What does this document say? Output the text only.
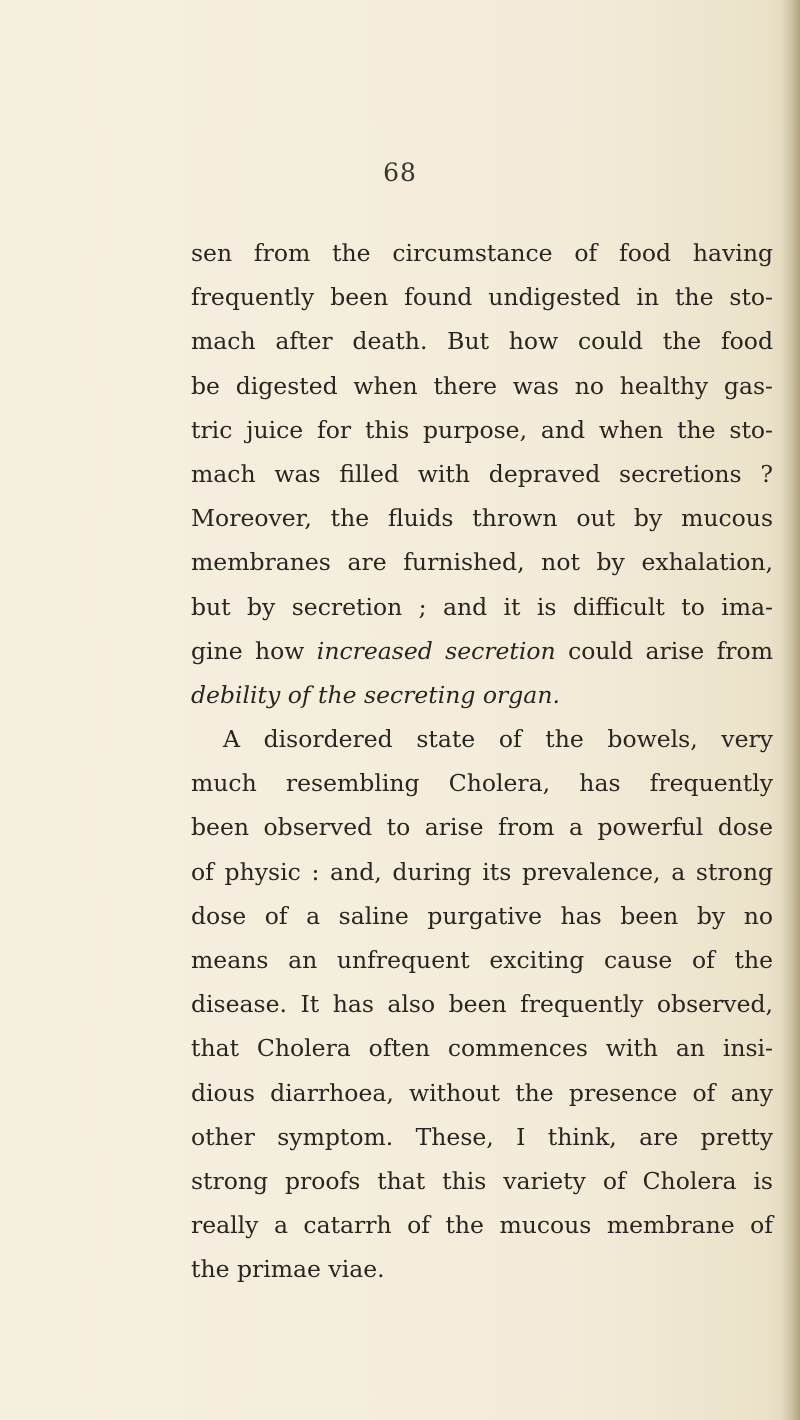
68
sen from the circumstance of food having
frequently been found undigested in the sto-
mach after death. But how could the food
be digested when there was no healthy gas-
tric juice for this purpose, and when the sto-
mach was filled with depraved secretions ?
Moreover, the fluids thrown out by mucous
membranes are furnished, not by exhalation,
but by secretion ; and it is difficult to ima-
gine how increased secretion could arise from
debility of the secreting organ.
A disordered state of the bowels, very
much resembling Cholera, has frequently
been observed to arise from a powerful dose
of physic : and, during its prevalence, a strong
dose of a saline purgative has been by no
means an unfrequent exciting cause of the
disease. It has also been frequently observed,
that Cholera often commences with an insi-
dious diarrhoea, without the presence of any
other symptom. These, I think, are pretty
strong proofs that this variety of Cholera is
really a catarrh of the mucous membrane of
the primae viae.
